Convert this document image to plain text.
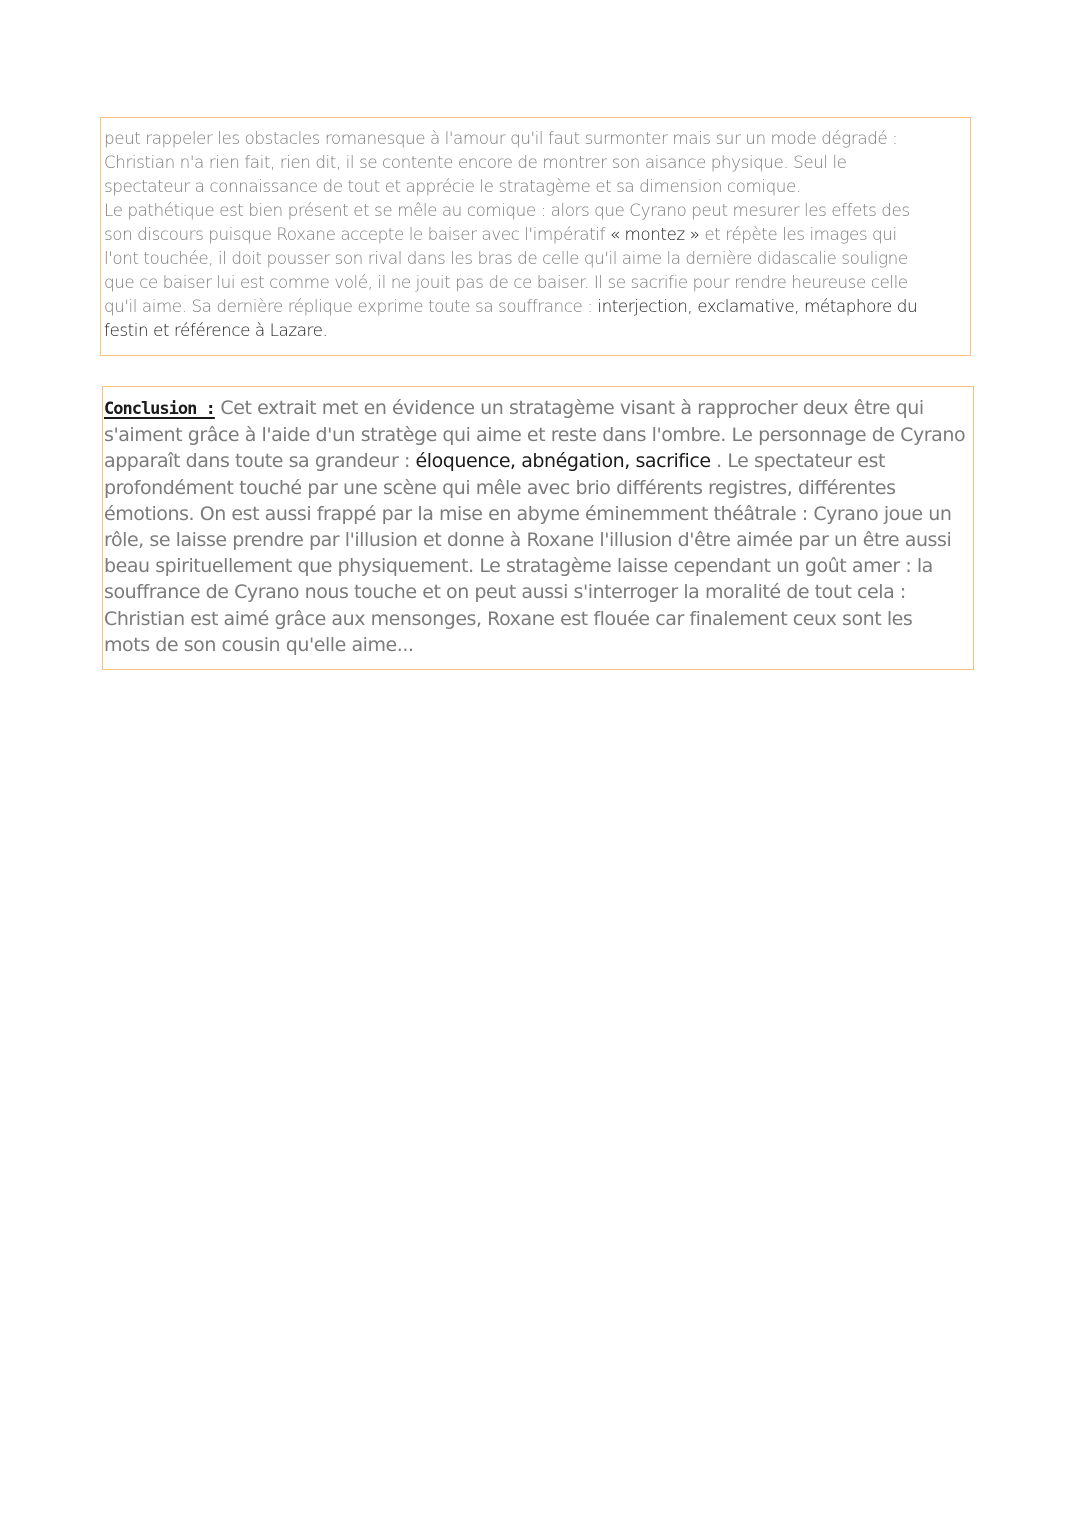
peut rappeler les obstacles romanesque à l'amour qu'il faut surmonter mais sur un mode dégradé :
Christian n'a rien fait, rien dit, il se contente encore de montrer son aisance physique. Seul le
spectateur a connaissance de tout et apprécie le stratagème et sa dimension comique.
Le pathétique est bien présent et se mêle au comique : alors que Cyrano peut mesurer les effets des
son discours puisque Roxane accepte le baiser avec l'impératif « montez » et répète les images qui
l'ont touchée, il doit pousser son rival dans les bras de celle qu'il aime la dernière didascalie souligne
que ce baiser lui est comme volé, il ne jouit pas de ce baiser. Il se sacrifie pour rendre heureuse celle
qu'il aime. Sa dernière réplique exprime toute sa souffrance : interjection, exclamative, métaphore du
festin et référence à Lazare.

Conclusion : Cet extrait met en évidence un stratagème visant à rapprocher deux être qui
s'aiment grâce à l'aide d'un stratège qui aime et reste dans l'ombre. Le personnage de Cyrano
apparaît dans toute sa grandeur : éloquence, abnégation, sacrifice . Le spectateur est
profondément touché par une scène qui mêle avec brio différents registres, différentes
émotions. On est aussi frappé par la mise en abyme éminemment théâtrale : Cyrano joue un
rôle, se laisse prendre par l'illusion et donne à Roxane l'illusion d'être aimée par un être aussi
beau spirituellement que physiquement. Le stratagème laisse cependant un goût amer : la
souffrance de Cyrano nous touche et on peut aussi s'interroger la moralité de tout cela :
Christian est aimé grâce aux mensonges, Roxane est flouée car finalement ceux sont les
mots de son cousin qu'elle aime...
